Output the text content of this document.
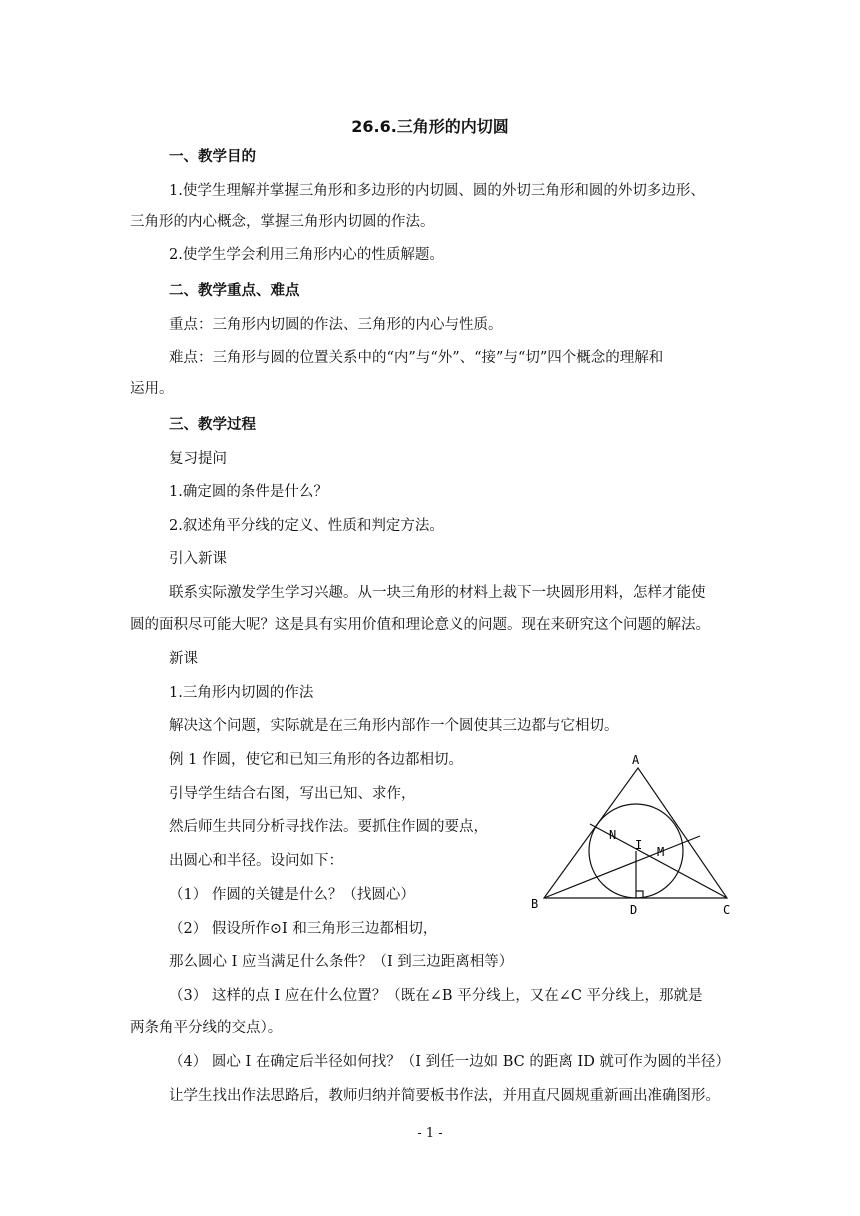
26.6.三角形的内切圆
一、教学目的
1.使学生理解并掌握三角形和多边形的内切圆、圆的外切三角形和圆的外切多边形、
三角形的内心概念，掌握三角形内切圆的作法。
2.使学生学会利用三角形内心的性质解题。
二、教学重点、难点
重点：三角形内切圆的作法、三角形的内心与性质。
难点：三角形与圆的位置关系中的“内”与“外”、“接”与“切”四个概念的理解和
运用。
三、教学过程
复习提问
1.确定圆的条件是什么？
2.叙述角平分线的定义、性质和判定方法。
引入新课
联系实际激发学生学习兴趣。从一块三角形的材料上裁下一块圆形用料，怎样才能使
圆的面积尽可能大呢？这是具有实用价值和理论意义的问题。现在来研究这个问题的解法。
新课
1.三角形内切圆的作法
解决这个问题，实际就是在三角形内部作一个圆使其三边都与它相切。
例 1 作圆，使它和已知三角形的各边都相切。
引导学生结合右图，写出已知、求作，
然后师生共同分析寻找作法。要抓住作圆的要点，
出圆心和半径。设问如下：
（1） 作圆的关键是什么？（找圆心）
（2） 假设所作⊙I 和三角形三边都相切，
那么圆心 I 应当满足什么条件？（I 到三边距离相等）
（3） 这样的点 I 应在什么位置？（既在∠B 平分线上，又在∠C 平分线上，那就是
两条角平分线的交点）。
（4） 圆心 I 在确定后半径如何找？（I 到任一边如 BC 的距离 ID 就可作为圆的半径）
让学生找出作法思路后，教师归纳并简要板书作法，并用直尺圆规重新画出准确图形。
A
B	C
D
I
N
M
- 1 -
